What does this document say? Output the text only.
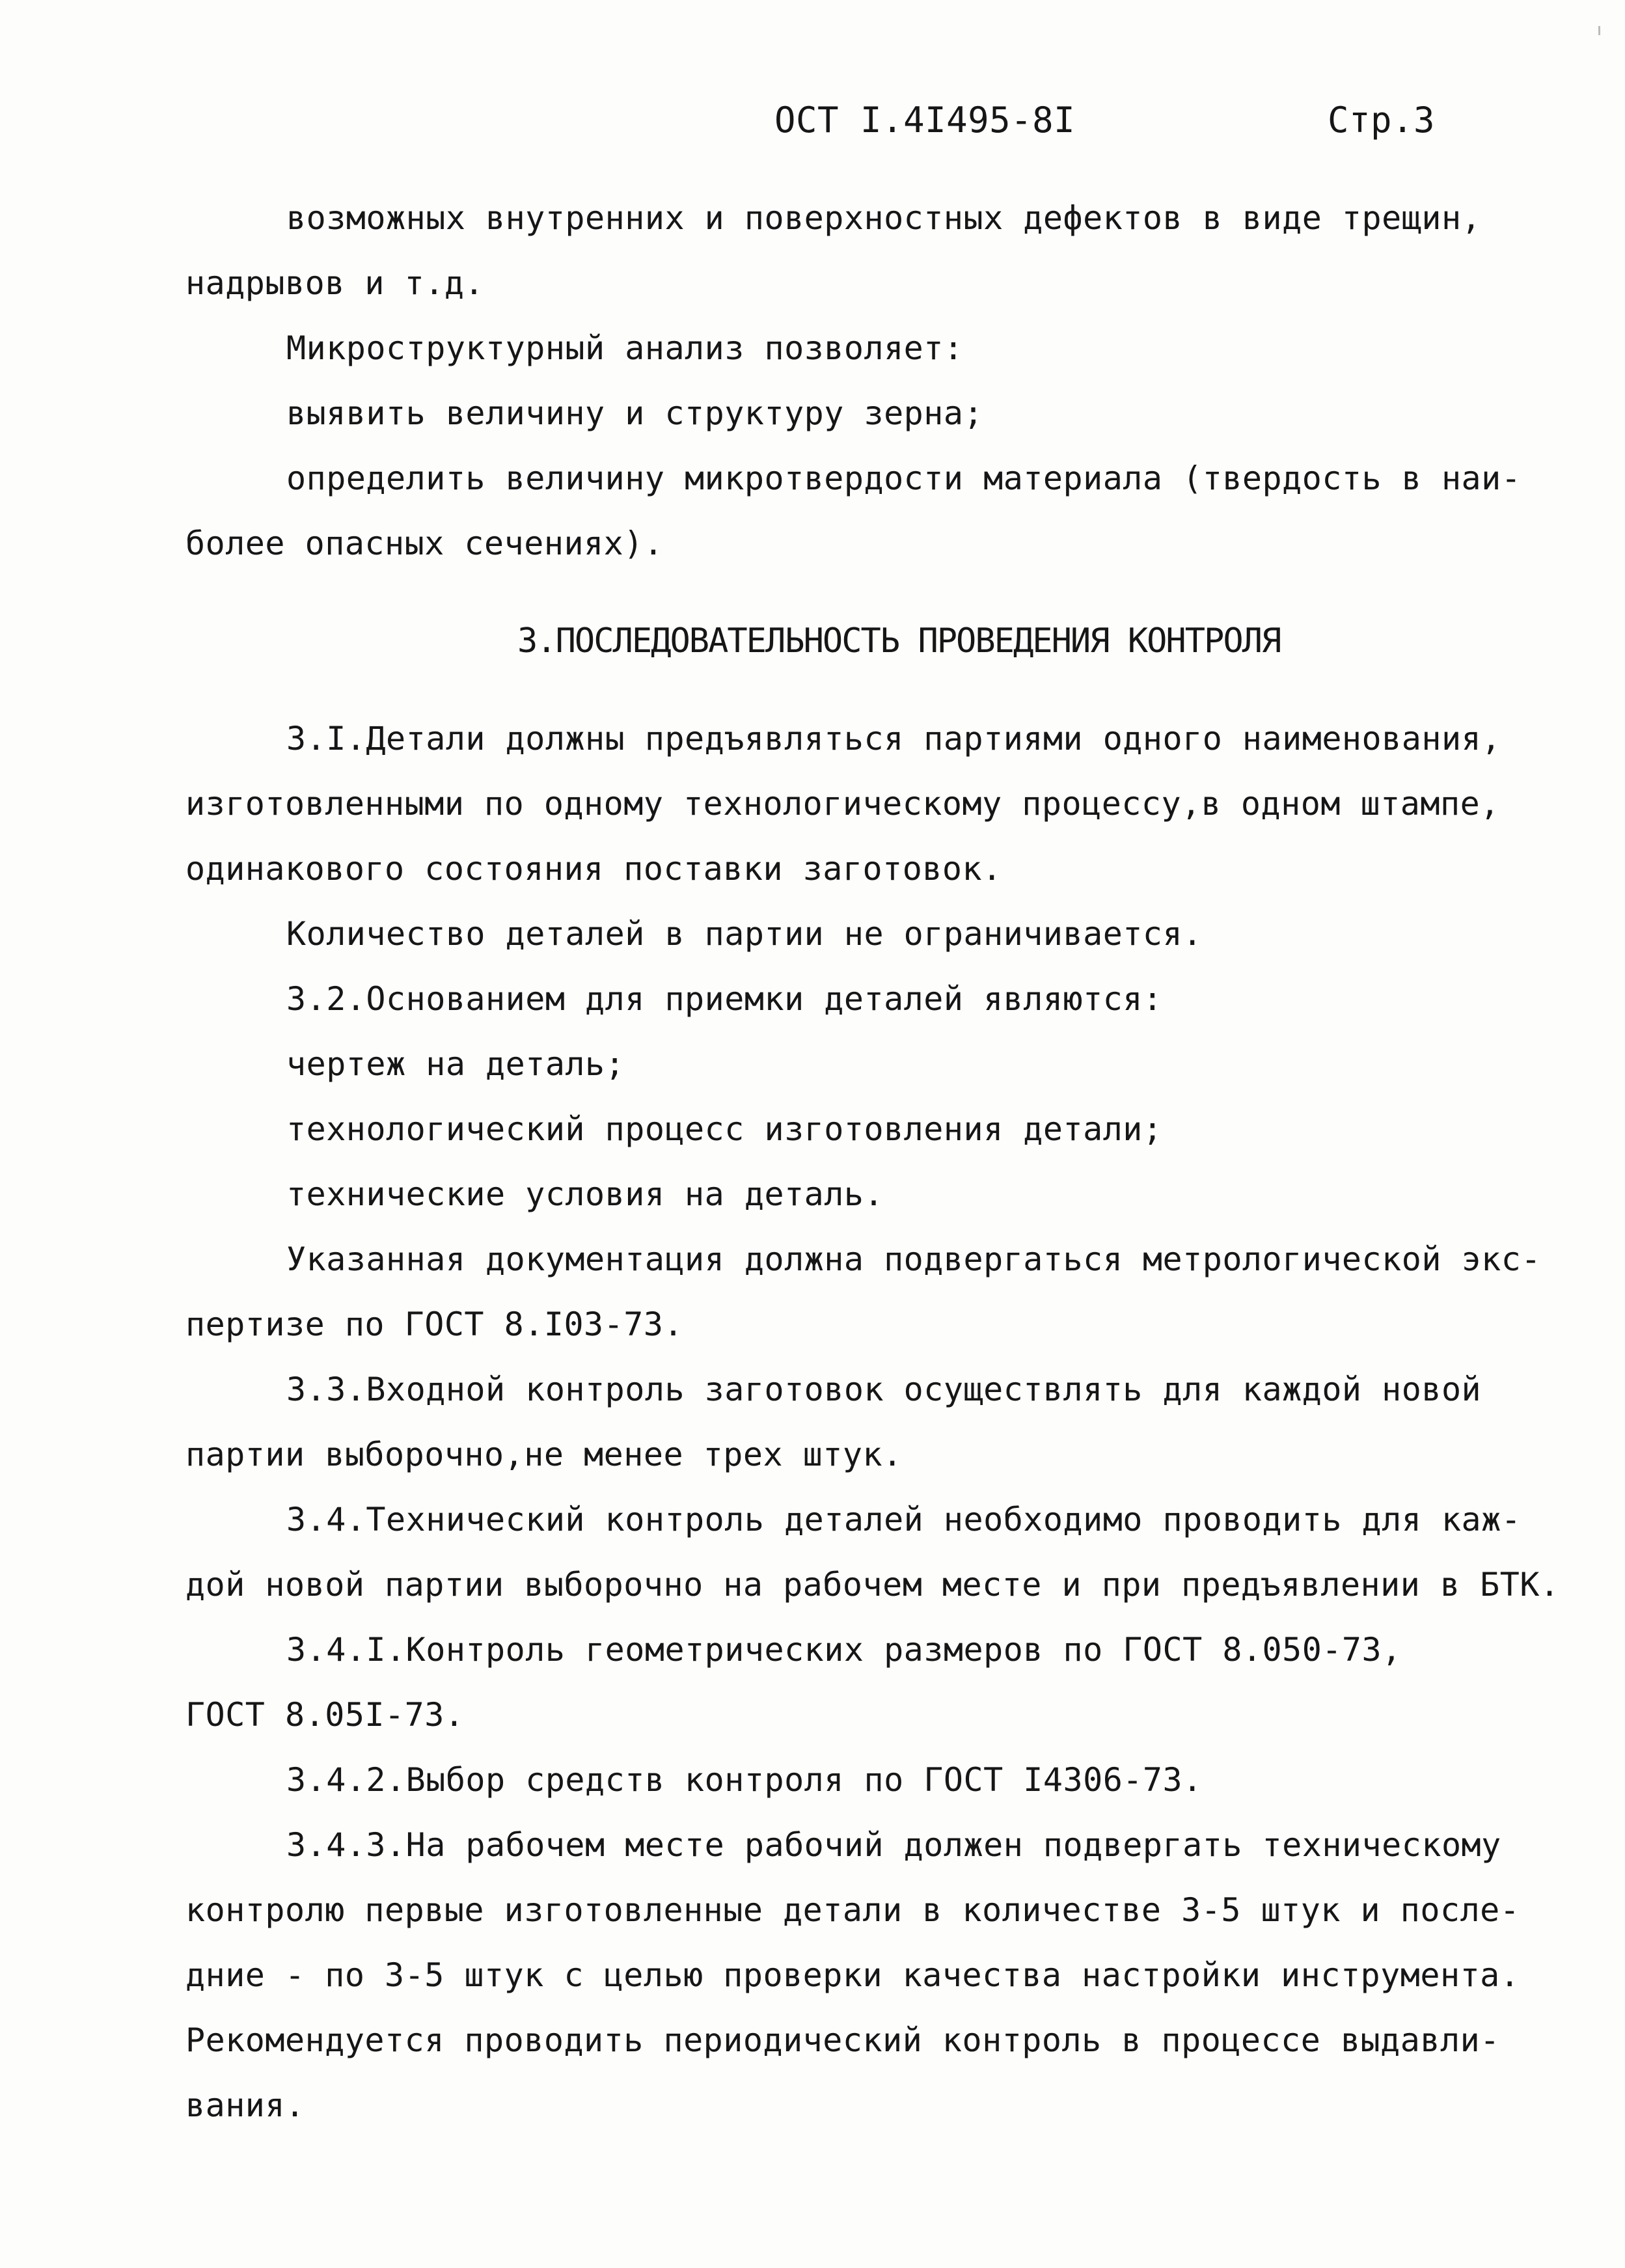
ОСТ I.4I495-8I	Стр.3
возможных внутренних и поверхностных дефектов в виде трещин,
надрывов и т.д.
Микроструктурный анализ позволяет:
выявить величину и структуру зерна;
определить величину микротвердости материала (твердость в наи-
более опасных сечениях).
3.ПОСЛЕДОВАТЕЛЬНОСТЬ ПРОВЕДЕНИЯ КОНТРОЛЯ
3.I.Детали должны предъявляться партиями одного наименования,
изготовленными по одному технологическому процессу,в одном штампе,
одинакового состояния поставки заготовок.
Количество деталей в партии не ограничивается.
3.2.Основанием для приемки деталей являются:
чертеж на деталь;
технологический процесс изготовления детали;
технические условия на деталь.
Указанная документация должна подвергаться метрологической экс-
пертизе по ГОСТ 8.I03-73.
3.3.Входной контроль заготовок осуществлять для каждой новой
партии выборочно,не менее трех штук.
3.4.Технический контроль деталей необходимо проводить для каж-
дой новой партии выборочно на рабочем месте и при предъявлении в БТК.
3.4.I.Контроль геометрических размеров по ГОСТ 8.050-73,
ГОСТ 8.05I-73.
3.4.2.Выбор средств контроля по ГОСТ I4306-73.
3.4.3.На рабочем месте рабочий должен подвергать техническому
контролю первые изготовленные детали в количестве 3-5 штук и после-
дние - по 3-5 штук с целью проверки качества настройки инструмента.
Рекомендуется проводить периодический контроль в процессе выдавли-
вания.
